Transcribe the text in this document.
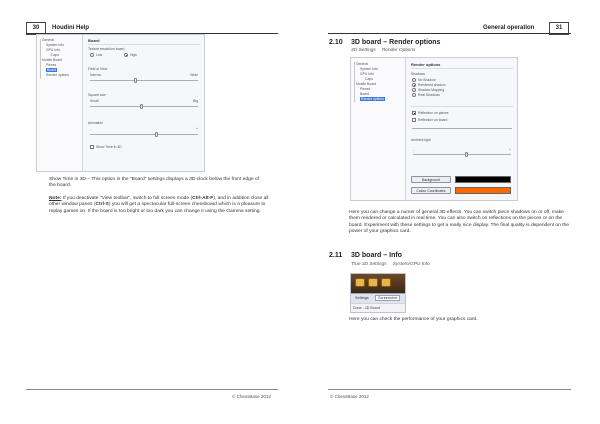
30	Houdini Help
General
System Info
GPU Info
Caps
Mobile Board
Pieces
Board
Render options
Board
Texture resolution board
Low	High
Field of View
Narrow	Wide
Square size
Small	Big
Animation
-	+
Show Time in 3D
Show Time in 3D – This option in the "Board" settings displays a 3D clock below the front edge of the board.
Note: If you deactivate "View toolbar", switch to full screen mode (Ctrl-Alt-F), and in addition close all other window panes (Ctrl-S) you will get a spectacular full-screen chessboard which is a pleasure to replay games on. If the board is too bright or too dark you can change it using the Gamma setting.
© ChessBase 2012
General operation	31
2.10 3D board – Render options
3D Settings Render Options
General
System Info
GPU Info
Caps
Mobile Board
Pieces
Board
Render options
Render options
Shadows
No Shadow
Rendered shadow
Shadow Mapping
Real Shadows
Reflection on pieces
Reflection on board
Ambient light
-	+
Background
Colour Coordinates
Here you can change a numer of general 3D effects. You can switch piece shadows on or off, make them rendered or calculated in real time. You can also switch on reflections on the pieces or on the board. Experiment with these settings to get a really nice display. The final quality is dependent on the power of your graphics card.
2.11 3D board – Info
True 3D Settings System/GPU Info
Settings	Screenshot
Done - 3D Board
Here you can check the performance of your graphics card.
© ChessBase 2012
